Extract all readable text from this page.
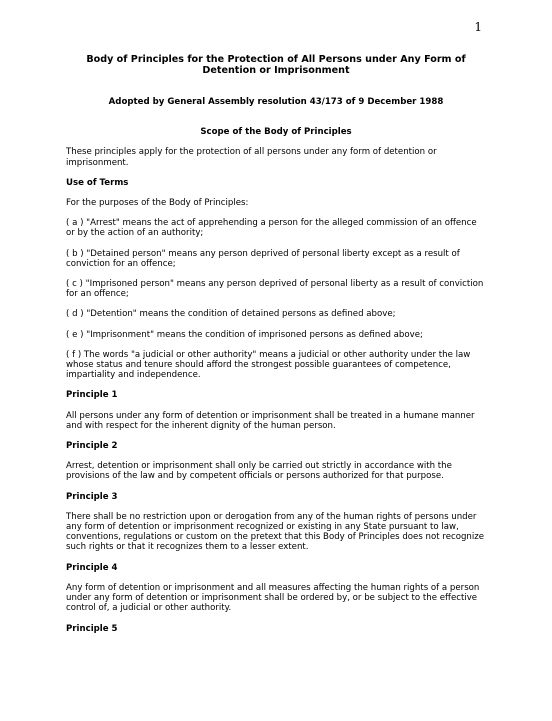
1

Body of Principles for the Protection of All Persons under Any Form of
Detention or Imprisonment

Adopted by General Assembly resolution 43/173 of 9 December 1988

Scope of the Body of Principles

These principles apply for the protection of all persons under any form of detention or
imprisonment.

Use of Terms

For the purposes of the Body of Principles:

( a ) "Arrest" means the act of apprehending a person for the alleged commission of an offence
or by the action of an authority;

( b ) "Detained person" means any person deprived of personal liberty except as a result of
conviction for an offence;

( c ) "Imprisoned person" means any person deprived of personal liberty as a result of conviction
for an offence;

( d ) "Detention" means the condition of detained persons as defined above;

( e ) "Imprisonment" means the condition of imprisoned persons as defined above;

( f ) The words "a judicial or other authority" means a judicial or other authority under the law
whose status and tenure should afford the strongest possible guarantees of competence,
impartiality and independence.

Principle 1

All persons under any form of detention or imprisonment shall be treated in a humane manner
and with respect for the inherent dignity of the human person.

Principle 2

Arrest, detention or imprisonment shall only be carried out strictly in accordance with the
provisions of the law and by competent officials or persons authorized for that purpose.

Principle 3

There shall be no restriction upon or derogation from any of the human rights of persons under
any form of detention or imprisonment recognized or existing in any State pursuant to law,
conventions, regulations or custom on the pretext that this Body of Principles does not recognize
such rights or that it recognizes them to a lesser extent.

Principle 4

Any form of detention or imprisonment and all measures affecting the human rights of a person
under any form of detention or imprisonment shall be ordered by, or be subject to the effective
control of, a judicial or other authority.

Principle 5
